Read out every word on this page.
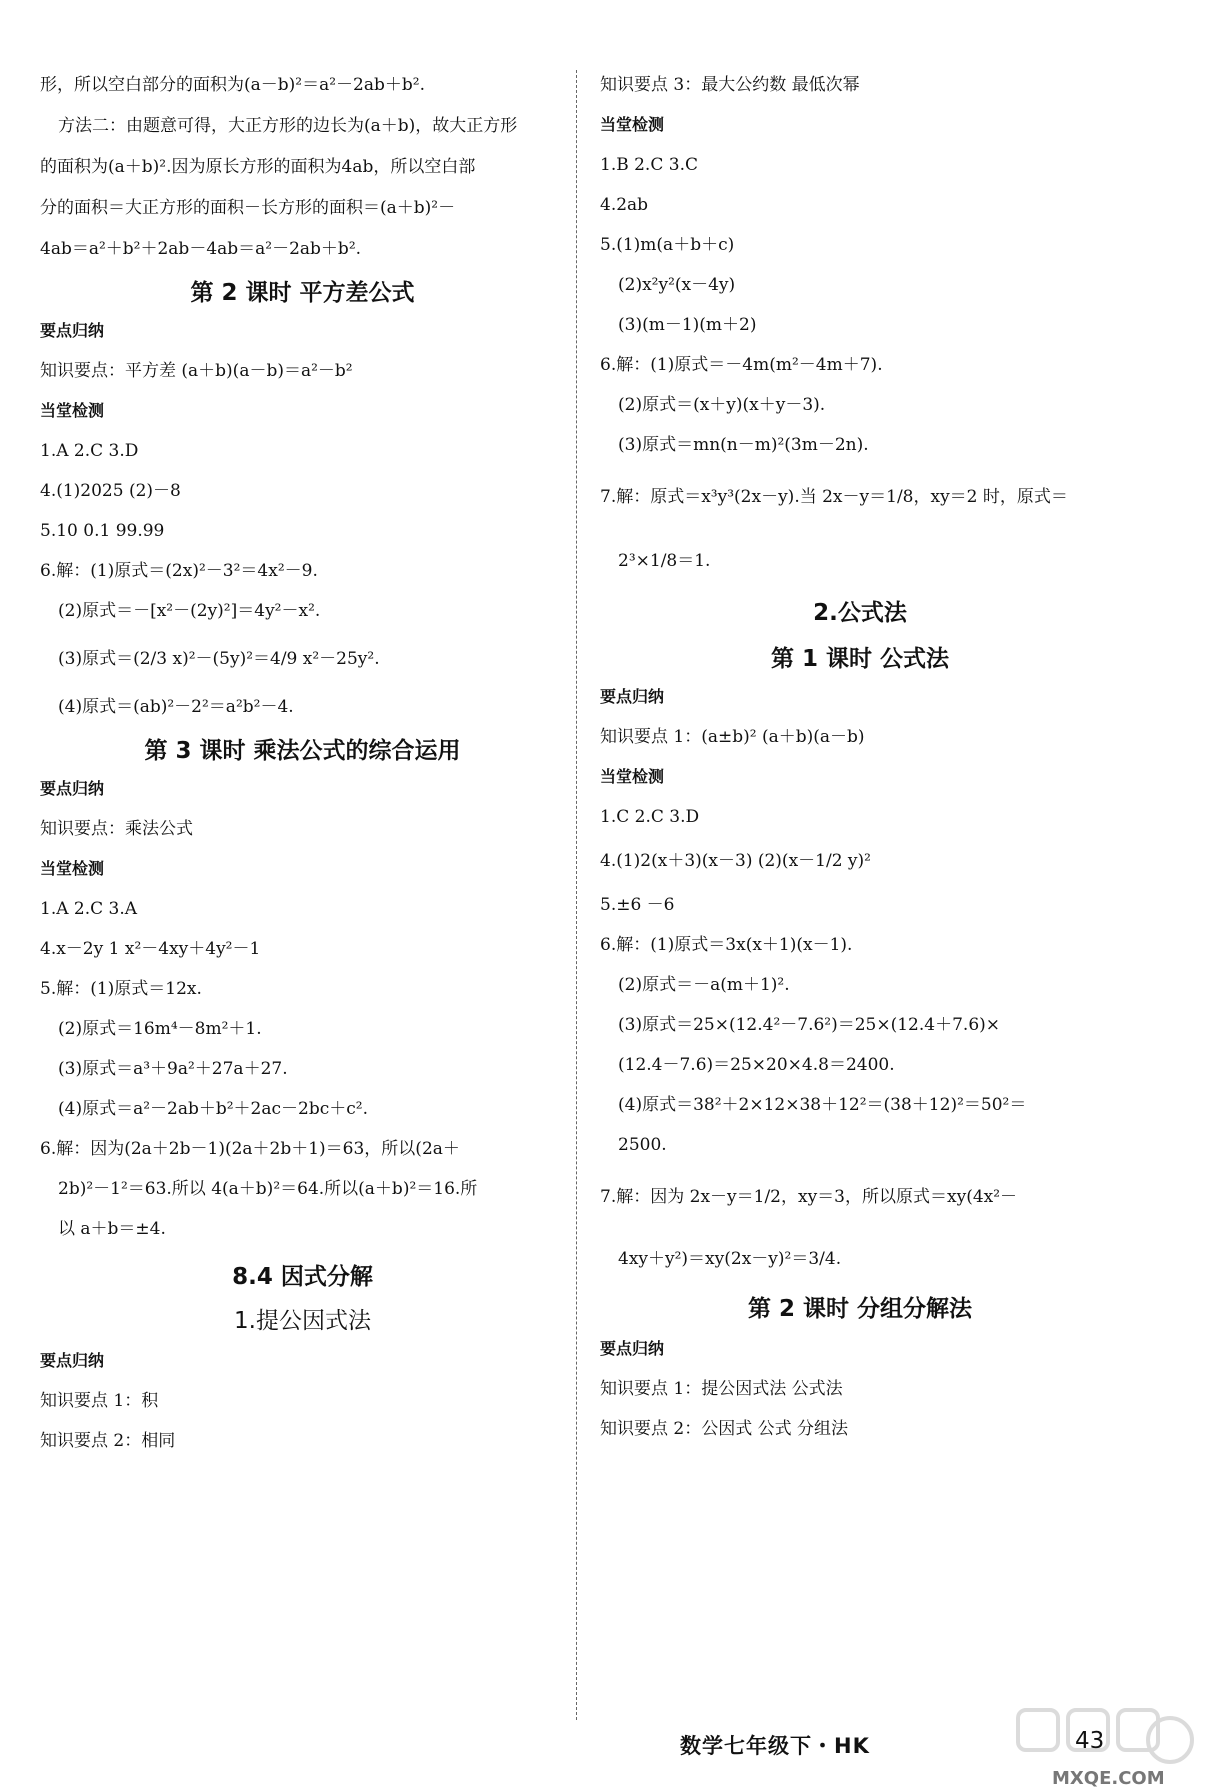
形，所以空白部分的面积为(a－b)²＝a²－2ab＋b².
方法二：由题意可得，大正方形的边长为(a＋b)，故大正方形
的面积为(a＋b)².因为原长方形的面积为4ab，所以空白部
分的面积＝大正方形的面积－长方形的面积＝(a＋b)²－
4ab＝a²＋b²＋2ab－4ab＝a²－2ab＋b².
第 2 课时 平方差公式
要点归纳
知识要点：平方差 (a＋b)(a－b)＝a²－b²
当堂检测
1.A 2.C 3.D
4.(1)2025 (2)－8
5.10 0.1 99.99
6.解：(1)原式＝(2x)²－3²＝4x²－9.
(2)原式＝－[x²－(2y)²]＝4y²－x².
(3)原式＝(2/3 x)²－(5y)²＝4/9 x²－25y².
(4)原式＝(ab)²－2²＝a²b²－4.
第 3 课时 乘法公式的综合运用
要点归纳
知识要点：乘法公式
当堂检测
1.A 2.C 3.A
4.x－2y 1 x²－4xy＋4y²－1
5.解：(1)原式＝12x.
(2)原式＝16m⁴－8m²＋1.
(3)原式＝a³＋9a²＋27a＋27.
(4)原式＝a²－2ab＋b²＋2ac－2bc＋c².
6.解：因为(2a＋2b－1)(2a＋2b＋1)＝63，所以(2a＋
2b)²－1²＝63.所以 4(a＋b)²＝64.所以(a＋b)²＝16.所
以 a＋b＝±4.
8.4 因式分解
1.提公因式法
要点归纳
知识要点 1：积
知识要点 2：相同
知识要点 3：最大公约数 最低次幂
当堂检测
1.B 2.C 3.C
4.2ab
5.(1)m(a＋b＋c)
(2)x²y²(x－4y)
(3)(m－1)(m＋2)
6.解：(1)原式＝－4m(m²－4m＋7).
(2)原式＝(x＋y)(x＋y－3).
(3)原式＝mn(n－m)²(3m－2n).
7.解：原式＝x³y³(2x－y).当 2x－y＝1/8，xy＝2 时，原式＝
2³×1/8＝1.
2.公式法
第 1 课时 公式法
要点归纳
知识要点 1：(a±b)² (a＋b)(a－b)
当堂检测
1.C 2.C 3.D
4.(1)2(x＋3)(x－3) (2)(x－1/2 y)²
5.±6 －6
6.解：(1)原式＝3x(x＋1)(x－1).
(2)原式＝－a(m＋1)².
(3)原式＝25×(12.4²－7.6²)＝25×(12.4＋7.6)×
(12.4－7.6)＝25×20×4.8＝2400.
(4)原式＝38²＋2×12×38＋12²＝(38＋12)²＝50²＝
2500.
7.解：因为 2x－y＝1/2，xy＝3，所以原式＝xy(4x²－
4xy＋y²)＝xy(2x－y)²＝3/4.
第 2 课时 分组分解法
要点归纳
知识要点 1：提公因式法 公式法
知识要点 2：公因式 公式 分组法
数学七年级下・HK	43
MXQE.COM
